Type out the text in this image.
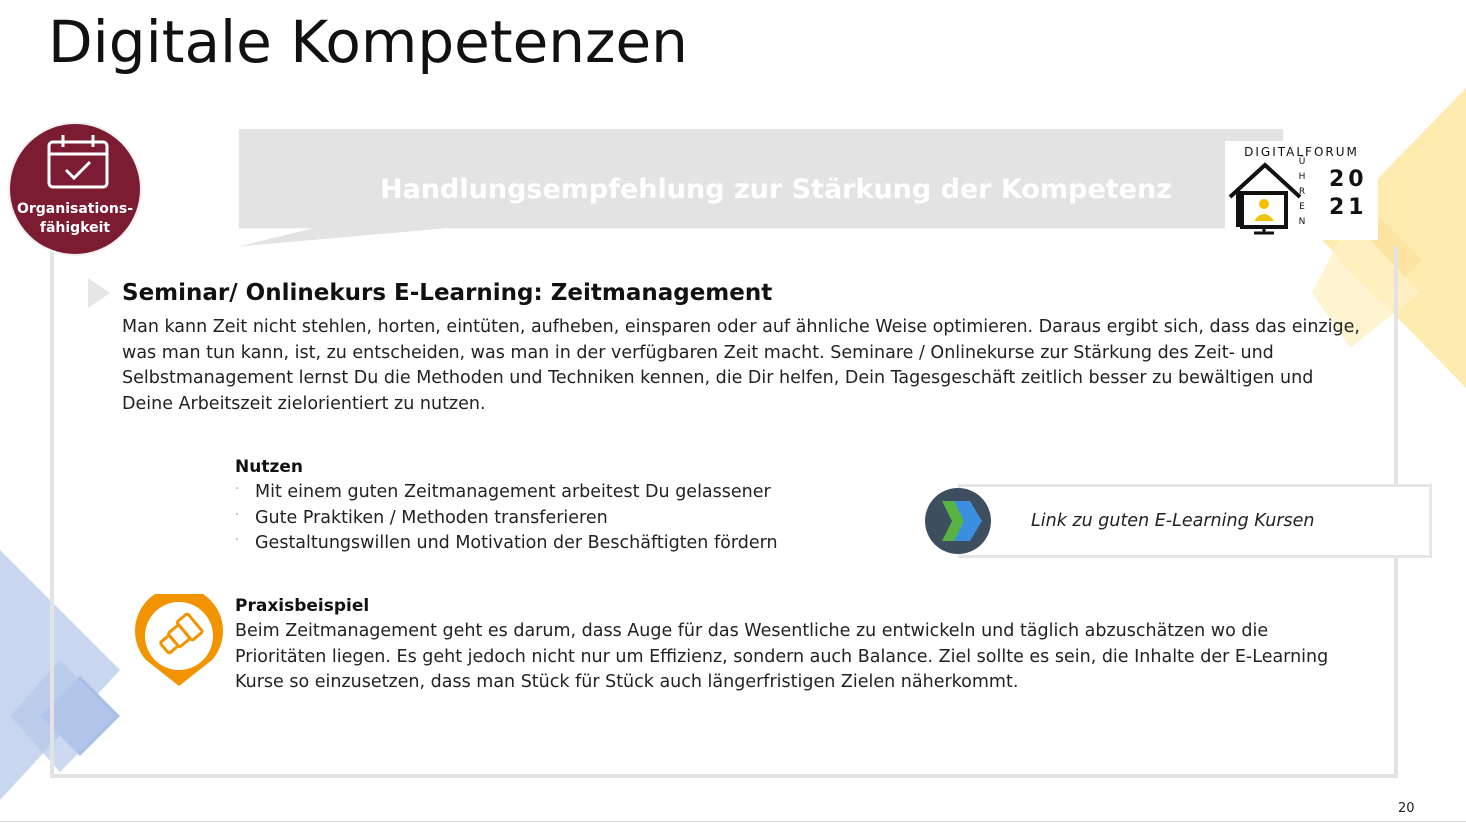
Digitale Kompetenzen
Handlungsempfehlung zur Stärkung der Kompetenz
Organisations-
fähigkeit
DIGITALFORUM
Ü
H
R
E
N
20
21
Seminar/ Onlinekurs E-Learning: Zeitmanagement

Man kann Zeit nicht stehlen, horten, eintüten, aufheben, einsparen oder auf ähnliche Weise optimieren. Daraus ergibt sich, dass das einzige, was man tun kann, ist, zu entscheiden, was man in der verfügbaren Zeit macht. Seminare / Onlinekurse zur Stärkung des Zeit- und Selbstmanagement lernst Du die Methoden und Techniken kennen, die Dir helfen, Dein Tagesgeschäft zeitlich besser zu bewältigen und Deine Arbeitszeit zielorientiert zu nutzen.

Nutzen
· Mit einem guten Zeitmanagement arbeitest Du gelassener
· Gute Praktiken / Methoden transferieren
· Gestaltungswillen und Motivation der Beschäftigten fördern
Link zu guten E-Learning Kursen
Praxisbeispiel

Beim Zeitmanagement geht es darum, dass Auge für das Wesentliche zu entwickeln und täglich abzuschätzen wo die Prioritäten liegen. Es geht jedoch nicht nur um Effizienz, sondern auch Balance. Ziel sollte es sein, die Inhalte der E-Learning Kurse so einzusetzen, dass man Stück für Stück auch längerfristigen Zielen näherkommt.

20
